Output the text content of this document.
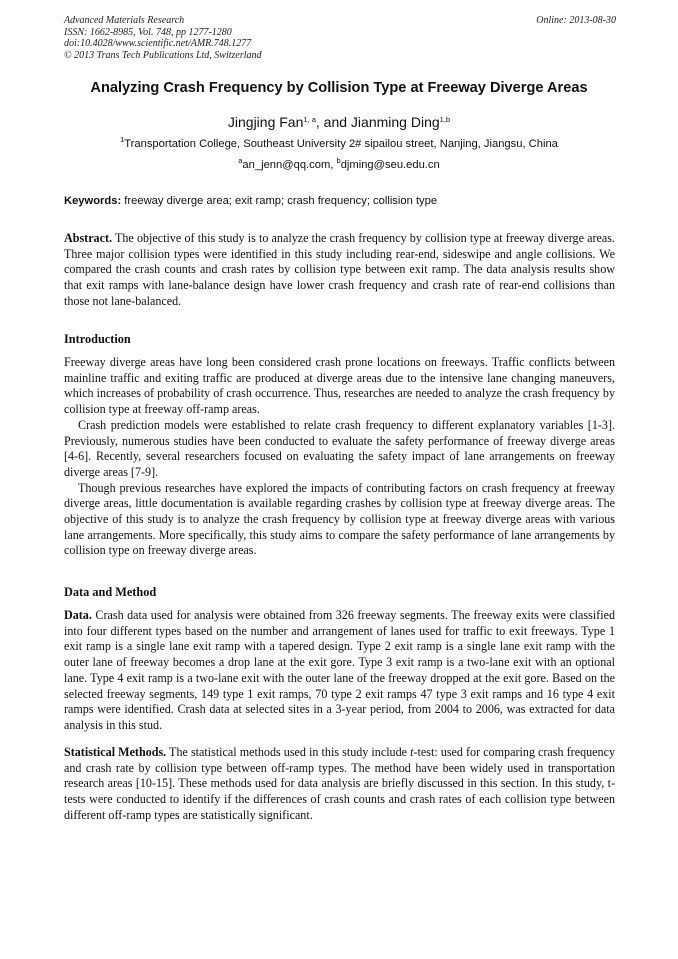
Advanced Materials Research
ISSN: 1662-8985, Vol. 748, pp 1277-1280
doi:10.4028/www.scientific.net/AMR.748.1277
© 2013 Trans Tech Publications Ltd, Switzerland
Online: 2013-08-30
Analyzing Crash Frequency by Collision Type at Freeway Diverge Areas
Jingjing Fan$^{1, a}$, and Jianming Ding$^{1,b}$
$^1$Transportation College, Southeast University 2# sipailou street, Nanjing, Jiangsu, China
$^a$an_jenn@qq.com, $^b$djming@seu.edu.cn
Keywords: freeway diverge area; exit ramp; crash frequency; collision type

Abstract. The objective of this study is to analyze the crash frequency by collision type at freeway diverge areas. Three major collision types were identified in this study including rear-end, sideswipe and angle collisions. We compared the crash counts and crash rates by collision type between exit ramp. The data analysis results show that exit ramps with lane-balance design have lower crash frequency and crash rate of rear-end collisions than those not lane-balanced.

Introduction

Freeway diverge areas have long been considered crash prone locations on freeways. Traffic conflicts between mainline traffic and exiting traffic are produced at diverge areas due to the intensive lane changing maneuvers, which increases of probability of crash occurrence. Thus, researches are needed to analyze the crash frequency by collision type at freeway off-ramp areas.

Crash prediction models were established to relate crash frequency to different explanatory variables [1-3]. Previously, numerous studies have been conducted to evaluate the safety performance of freeway diverge areas [4-6]. Recently, several researchers focused on evaluating the safety impact of lane arrangements on freeway diverge areas [7-9].

Though previous researches have explored the impacts of contributing factors on crash frequency at freeway diverge areas, little documentation is available regarding crashes by collision type at freeway diverge areas. The objective of this study is to analyze the crash frequency by collision type at freeway diverge areas with various lane arrangements. More specifically, this study aims to compare the safety performance of lane arrangements by collision type on freeway diverge areas.

Data and Method

Data. Crash data used for analysis were obtained from 326 freeway segments. The freeway exits were classified into four different types based on the number and arrangement of lanes used for traffic to exit freeways. Type 1 exit ramp is a single lane exit ramp with a tapered design. Type 2 exit ramp is a single lane exit ramp with the outer lane of freeway becomes a drop lane at the exit gore. Type 3 exit ramp is a two-lane exit with an optional lane. Type 4 exit ramp is a two-lane exit with the outer lane of the freeway dropped at the exit gore. Based on the selected freeway segments, 149 type 1 exit ramps, 70 type 2 exit ramps 47 type 3 exit ramps and 16 type 4 exit ramps were identified. Crash data at selected sites in a 3-year period, from 2004 to 2006, was extracted for data analysis in this stud.

Statistical Methods. The statistical methods used in this study include t-test: used for comparing crash frequency and crash rate by collision type between off-ramp types. The method have been widely used in transportation research areas [10-15]. These methods used for data analysis are briefly discussed in this section. In this study, t-tests were conducted to identify if the differences of crash counts and crash rates of each collision type between different off-ramp types are statistically significant.
